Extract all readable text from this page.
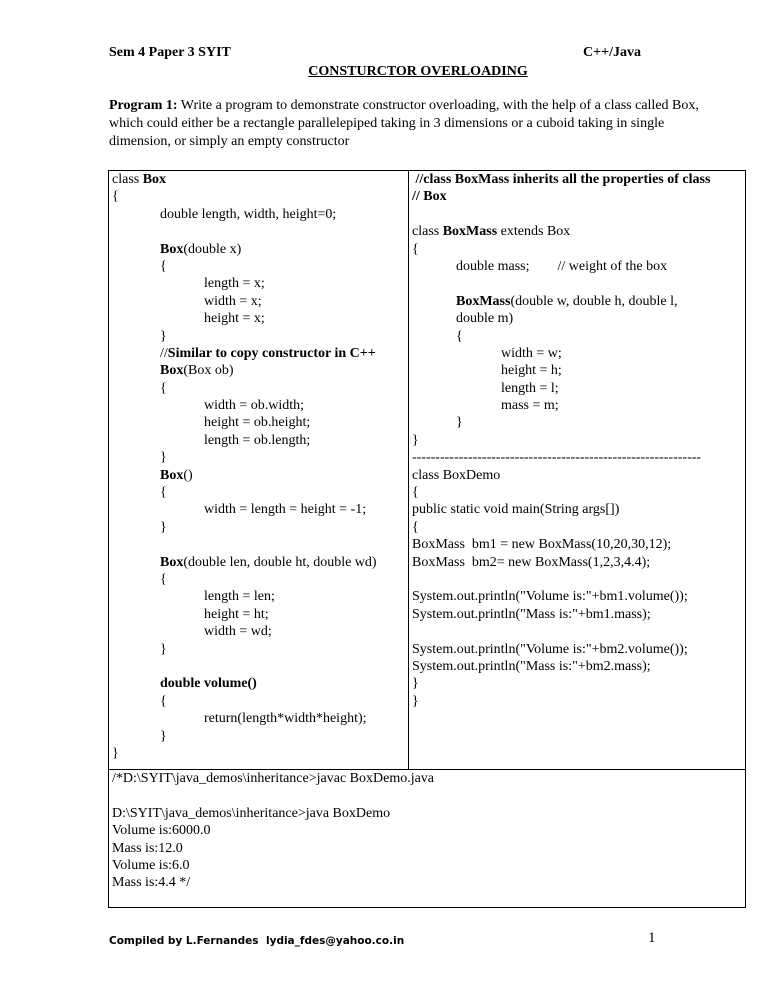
Sem 4 Paper 3 SYIT	C++/Java
CONSTURCTOR OVERLOADING
Program 1: Write a program to demonstrate constructor overloading, with the help of a class called Box, which could either be a rectangle parallelepiped taking in 3 dimensions or a cuboid taking in single dimension, or simply an empty constructor
class Box
{
double length, width, height=0;
Box(double x)
{
length = x;
width = x;
height = x;
}
//Similar to copy constructor in C++
Box(Box ob)
{
width = ob.width;
height = ob.height;
length = ob.length;
}
Box()
{
width = length = height = -1;
}
Box(double len, double ht, double wd)
{
length = len;
height = ht;
width = wd;
}
double volume()
{
return(length*width*height);
}
}

//class BoxMass inherits all the properties of class
// Box
class BoxMass extends Box
{
double mass;        // weight of the box
BoxMass(double w, double h, double l,
double m)
{
width = w;
height = h;
length = l;
mass = m;
}
}
--------------------------------------------------------------
class BoxDemo
{
public static void main(String args[])
{
BoxMass  bm1 = new BoxMass(10,20,30,12);
BoxMass  bm2= new BoxMass(1,2,3,4.4);
System.out.println("Volume is:"+bm1.volume());
System.out.println("Mass is:"+bm1.mass);
System.out.println("Volume is:"+bm2.volume());
System.out.println("Mass is:"+bm2.mass);
}
}

/*D:\SYIT\java_demos\inheritance>javac BoxDemo.java
D:\SYIT\java_demos\inheritance>java BoxDemo
Volume is:6000.0
Mass is:12.0
Volume is:6.0
Mass is:4.4 */
Compiled by L.Fernandes lydia_fdes@yahoo.co.in	1
